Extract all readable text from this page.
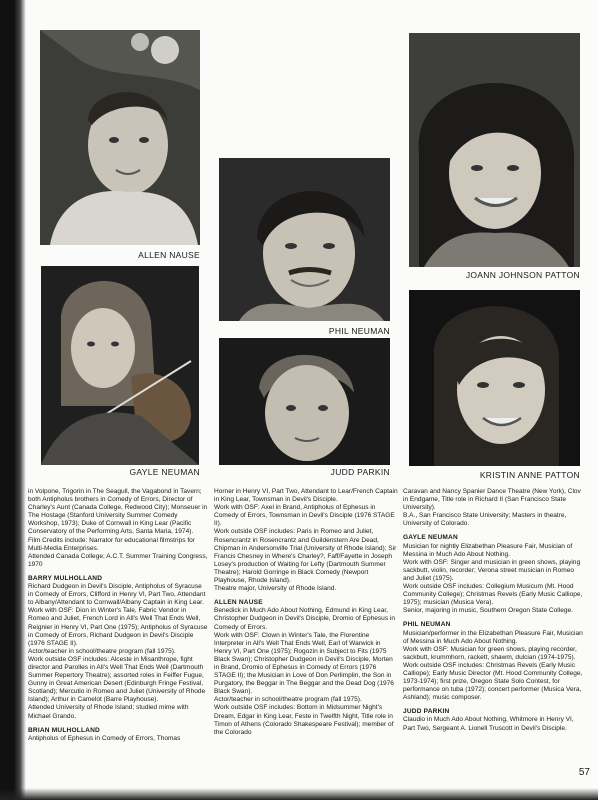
ALLEN NAUSE
PHIL NEUMAN
JOANN JOHNSON PATTON
GAYLE NEUMAN	JUDD PARKIN	KRISTIN ANNE PATTON

in Volpone, Trigorin in The Seagull, the Vagabond in Tavern; both Antipholus brothers in Comedy of Errors, Director of Charley's Aunt (Canada College, Redwood City); Monseuer in The Hostage (Stanford University Summer Comedy Workshop, 1973); Duke of Cornwall in King Lear (Pacific Conservatory of the Performing Arts, Santa Maria, 1974).

Film Credits include: Narrator for educational filmstrips for Multi-Media Enterprises.

Attended Canada College; A.C.T. Summer Training Congress, 1970

BARRY MULHOLLAND

Richard Dudgeon in Devil's Disciple, Antipholus of Syracuse in Comedy of Errors, Clifford in Henry VI, Part Two, Attendant to Albany/Attendant to Cornwall/Albany Captain in King Lear.

Work with OSF: Dion in Winter's Tale, Fabric Vendor in Romeo and Juliet, French Lord in All's Well That Ends Well, Reignier in Henry VI, Part One (1975); Antipholus of Syracuse in Comedy of Errors, Richard Dudgeon in Devil's Disciple (1976 STAGE II).

Actor/teacher in school/theatre program (fall 1975).

Work outside OSF includes: Alceste in Misanthrope, fight director and Parolles in All's Well That Ends Well (Dartmouth Summer Repertory Theatre); assorted roles in Feiffer Fugue, Gunny in Great American Desert (Edinburgh Fringe Festival, Scotland); Mercutio in Romeo and Juliet (University of Rhode Island); Arthur in Camelot (Barre Playhouse).

Attended University of Rhode Island; studied mime with Michael Grando.

BRIAN MULHOLLAND

Antipholus of Ephesus in Comedy of Errors, Thomas

Horner in Henry VI, Part Two, Attendant to Lear/French Captain in King Lear, Townsman in Devil's Disciple.

Work with OSF: Axel in Brand, Antipholus of Ephesus in Comedy of Errors, Townsman in Devil's Disciple (1976 STAGE II).

Work outside OSF includes: Paris in Romeo and Juliet, Rosencrantz in Rosencrantz and Guildenstern Are Dead, Chipman in Andersonville Trial (University of Rhode Island); Sir Francis Chesney in Where's Charley?, Faff/Fayette in Joseph Losey's production of Waiting for Lefty (Dartmouth Summer Theatre); Harold Gorringe in Black Comedy (Newport Playhouse, Rhode Island).

Theatre major, University of Rhode Island.

ALLEN NAUSE

Benedick in Much Ado About Nothing, Edmund in King Lear, Christopher Dudgeon in Devil's Disciple, Dromio of Ephesus in Comedy of Errors.

Work with OSF: Clown in Winter's Tale, the Florentine Interpreter in All's Well That Ends Well, Earl of Warwick in Henry VI, Part One (1975); Rogozin in Subject to Fits (1975 Black Swan); Christopher Dudgeon in Devil's Disciple, Morten in Brand, Dromio of Ephesus in Comedy of Errors (1976 STAGE II); the Musician in Love of Don Perlimplin, the Son in Purgatory, the Beggar in The Beggar and the Dead Dog (1976 Black Swan).

Actor/teacher in school/theatre program (fall 1975).

Work outside OSF includes: Bottom in Midsummer Night's Dream, Edgar in King Lear, Feste in Twelfth Night, Title role in Timon of Athens (Colorado Shakespeare Festival); member of the Colorado

Caravan and Nancy Spanier Dance Theatre (New York), Clov in Endgame, Title role in Richard II (San Francisco State University).

B.A., San Francisco State University; Masters in theatre, University of Colorado.

GAYLE NEUMAN

Musician for nightly Elizabethan Pleasure Fair, Musician of Messina in Much Ado About Nothing.

Work with OSF: Singer and musician in green shows, playing sackbutt, violin, recorder; Verona street musician in Romeo and Juliet (1975).

Work outside OSF includes: Collegium Musicum (Mt. Hood Community College); Christmas Revels (Early Music Calliope, 1975); musician (Musica Vera).

Senior, majoring in music, Southern Oregon State College.

PHIL NEUMAN

Musician/performer in the Elizabethan Pleasure Fair, Musician of Messina in Much Ado About Nothing.

Work with OSF: Musician for green shows, playing recorder, sackbutt, krummhorn, rackett, shawm, dulcian (1974-1975).

Work outside OSF includes: Christmas Revels (Early Music Calliope); Early Music Director (Mt. Hood Community College, 1973-1974); first prize, Oregon State Solo Contest, for performance on tuba (1972); concert performer (Musica Vera, Ashland); music composer.

JUDD PARKIN

Claudio in Much Ado About Nothing, Whitmore in Henry VI, Part Two, Sergeant A. Lionell Truscott in Devil's Disciple.

57
